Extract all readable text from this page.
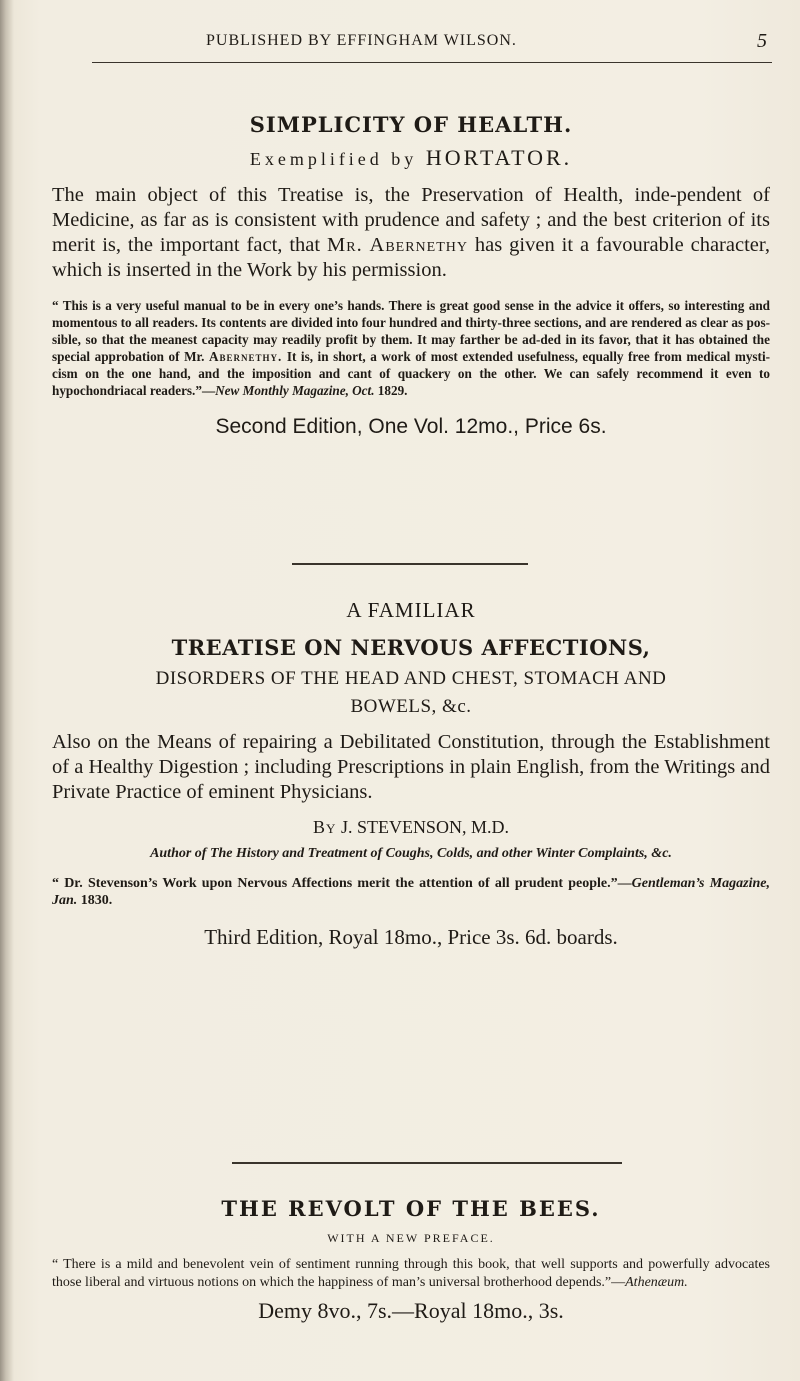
PUBLISHED BY EFFINGHAM WILSON.	5
SIMPLICITY OF HEALTH.
Exemplified by HORTATOR.
The main object of this Treatise is, the Preservation of Health, inde-pendent of Medicine, as far as is consistent with prudence and safety ; and the best criterion of its merit is, the important fact, that Mr. Abernethy has given it a favourable character, which is inserted in the Work by his permission.
“ This is a very useful manual to be in every one’s hands. There is great good sense in the advice it offers, so interesting and momentous to all readers. Its contents are divided into four hundred and thirty-three sections, and are rendered as clear as pos-sible, so that the meanest capacity may readily profit by them. It may farther be ad-ded in its favor, that it has obtained the special approbation of Mr. Abernethy. It is, in short, a work of most extended usefulness, equally free from medical mysti-cism on the one hand, and the imposition and cant of quackery on the other. We can safely recommend it even to hypochondriacal readers.”—New Monthly Magazine, Oct. 1829.
Second Edition, One Vol. 12mo., Price 6s.
A FAMILIAR
TREATISE ON NERVOUS AFFECTIONS,
DISORDERS OF THE HEAD AND CHEST, STOMACH AND
BOWELS, &c.
Also on the Means of repairing a Debilitated Constitution, through the Establishment of a Healthy Digestion ; including Prescriptions in plain English, from the Writings and Private Practice of eminent Physicians.
By J. STEVENSON, M.D.
Author of The History and Treatment of Coughs, Colds, and other Winter Complaints, &c.
“ Dr. Stevenson’s Work upon Nervous Affections merit the attention of all prudent people.”—Gentleman’s Magazine, Jan. 1830.
Third Edition, Royal 18mo., Price 3s. 6d. boards.
THE REVOLT OF THE BEES.
WITH A NEW PREFACE.
“ There is a mild and benevolent vein of sentiment running through this book, that well supports and powerfully advocates those liberal and virtuous notions on which the happiness of man’s universal brotherhood depends.”—Athenæum.
Demy 8vo., 7s.—Royal 18mo., 3s.
